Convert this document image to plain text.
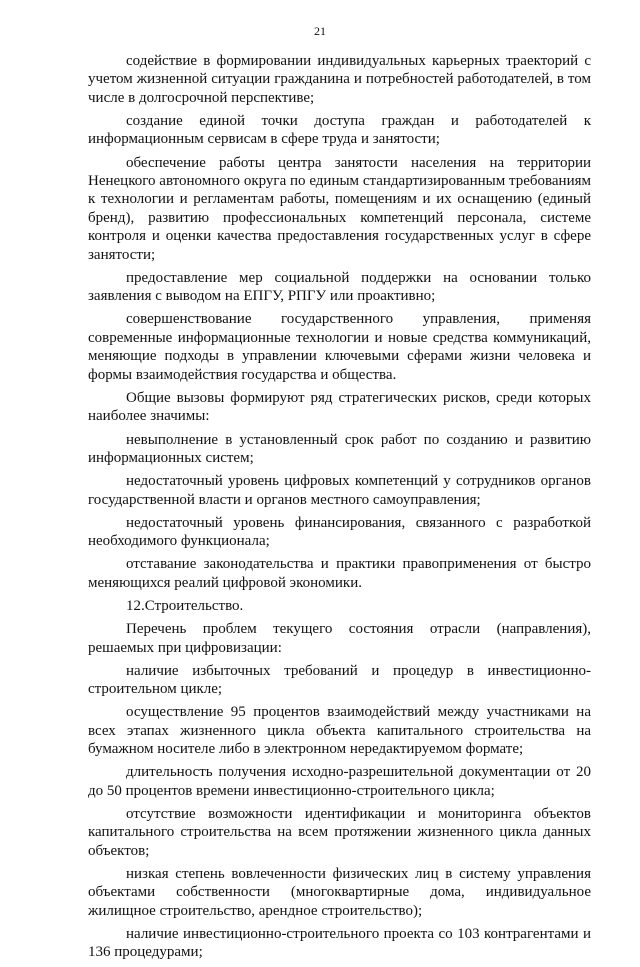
21

содействие в формировании индивидуальных карьерных траекторий с учетом жизненной ситуации гражданина и потребностей работодателей, в том числе в долгосрочной перспективе;

создание единой точки доступа граждан и работодателей к информационным сервисам в сфере труда и занятости;

обеспечение работы центра занятости населения на территории Ненецкого автономного округа по единым стандартизированным требованиям к технологии и регламентам работы, помещениям и их оснащению (единый бренд), развитию профессиональных компетенций персонала, системе контроля и оценки качества предоставления государственных услуг в сфере занятости;

предоставление мер социальной поддержки на основании только заявления с выводом на ЕПГУ, РПГУ или проактивно;

совершенствование государственного управления, применяя современные информационные технологии и новые средства коммуникаций, меняющие подходы в управлении ключевыми сферами жизни человека и формы взаимодействия государства и общества.

Общие вызовы формируют ряд стратегических рисков, среди которых наиболее значимы:

невыполнение в установленный срок работ по созданию и развитию информационных систем;

недостаточный уровень цифровых компетенций у сотрудников органов государственной власти и органов местного самоуправления;

недостаточный уровень финансирования, связанного с разработкой необходимого функционала;

отставание законодательства и практики правоприменения от быстро меняющихся реалий цифровой экономики.

12.Строительство.

Перечень проблем текущего состояния отрасли (направления), решаемых при цифровизации:

наличие избыточных требований и процедур в инвестиционно-строительном цикле;

осуществление 95 процентов взаимодействий между участниками на всех этапах жизненного цикла объекта капитального строительства на бумажном носителе либо в электронном нередактируемом формате;

длительность получения исходно-разрешительной документации от 20 до 50 процентов времени инвестиционно-строительного цикла;

отсутствие возможности идентификации и мониторинга объектов капитального строительства на всем протяжении жизненного цикла данных объектов;

низкая степень вовлеченности физических лиц в систему управления объектами собственности (многоквартирные дома, индивидуальное жилищное строительство, арендное строительство);

наличие инвестиционно-строительного проекта со 103 контрагентами и 136 процедурами;
